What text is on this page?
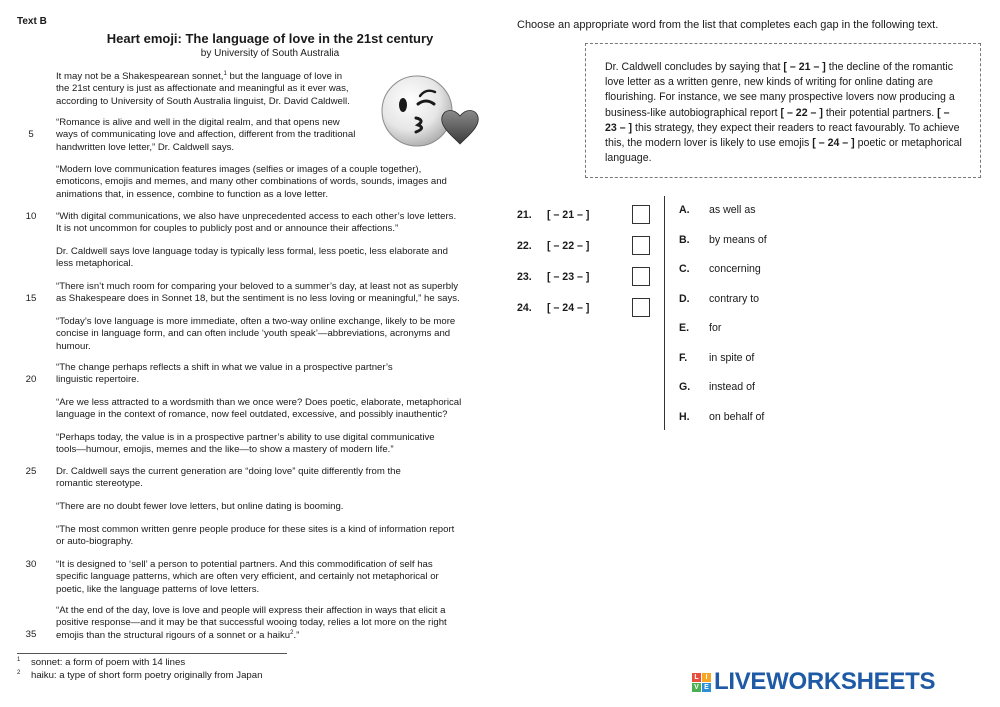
Text B
Heart emoji: The language of love in the 21st century
by University of South Australia
It may not be a Shakespearean sonnet,$^1$ but the language of love in
the 21st century is just as affectionate and meaningful as it ever was,
according to University of South Australia linguist, Dr. David Caldwell.
“Romance is alive and well in the digital realm, and that opens new
ways of communicating love and affection, different from the traditional
handwritten love letter,” Dr. Caldwell says.
“Modern love communication features images (selfies or images of a couple together),
emoticons, emojis and memes, and many other combinations of words, sounds, images and
animations that, in essence, combine to function as a love letter.
“With digital communications, we also have unprecedented access to each other’s love letters.
It is not uncommon for couples to publicly post and or announce their affections.”
Dr. Caldwell says love language today is typically less formal, less poetic, less elaborate and
less metaphorical.
“There isn’t much room for comparing your beloved to a summer’s day, at least not as superbly
as Shakespeare does in Sonnet 18, but the sentiment is no less loving or meaningful,” he says.
“Today’s love language is more immediate, often a two-way online exchange, likely to be more
concise in language form, and can often include ‘youth speak’—abbreviations, acronyms and
humour.
“The change perhaps reflects a shift in what we value in a prospective partner’s
linguistic repertoire.
“Are we less attracted to a wordsmith than we once were? Does poetic, elaborate, metaphorical
language in the context of romance, now feel outdated, excessive, and possibly inauthentic?
“Perhaps today, the value is in a prospective partner’s ability to use digital communicative
tools—humour, emojis, memes and the like—to show a mastery of modern life.”
Dr. Caldwell says the current generation are “doing love” quite differently from the
romantic stereotype.
“There are no doubt fewer love letters, but online dating is booming.
“The most common written genre people produce for these sites is a kind of information report
or auto-biography.
“It is designed to ‘sell’ a person to potential partners. And this commodification of self has
specific language patterns, which are often very efficient, and certainly not metaphorical or
poetic, like the language patterns of love letters.
“At the end of the day, love is love and people will express their affection in ways that elicit a
positive response—and it may be that successful wooing today, relies a lot more on the right
emojis than the structural rigours of a sonnet or a haiku$^2$.”
5
10
15
20
25
30
35
1 sonnet: a form of poem with 14 lines
2 haiku: a type of short form poetry originally from Japan
Choose an appropriate word from the list that completes each gap in the following text.
Dr. Caldwell concludes by saying that [ – 21 – ] the decline of the romantic love letter as a written genre, new kinds of writing for online dating are flourishing. For instance, we see many prospective lovers now producing a business-like autobiographical report [ – 22 – ] their potential partners. [ – 23 – ] this strategy, they expect their readers to react favourably. To achieve this, the modern lover is likely to use emojis [ – 24 – ] poetic or metaphorical language.
21. [ – 21 – ]
22. [ – 22 – ]
23. [ – 23 – ]
24. [ – 24 – ]
A. as well as
B. by means of
C. concerning
D. contrary to
E. for
F. in spite of
G. instead of
H. on behalf of
L I
V E LIVEWORKSHEETS
